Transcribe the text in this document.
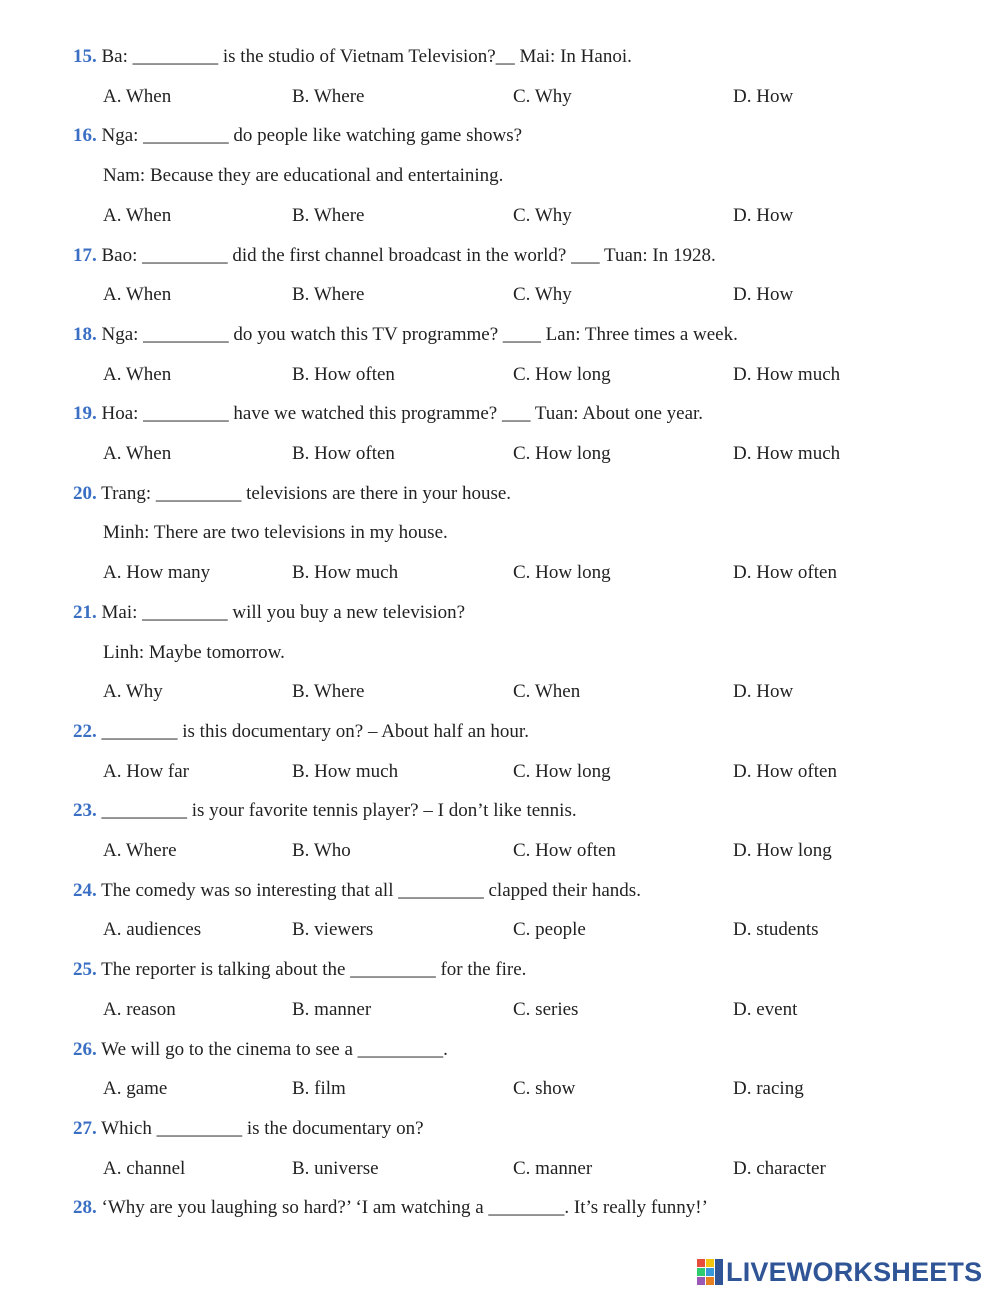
15. Ba: _________ is the studio of Vietnam Television?__ Mai: In Hanoi.
A. When	B. Where	C. Why	D. How
16. Nga: _________ do people like watching game shows?
Nam: Because they are educational and entertaining.
A. When	B. Where	C. Why	D. How
17. Bao: _________ did the first channel broadcast in the world? ___ Tuan: In 1928.
A. When	B. Where	C. Why	D. How
18. Nga: _________ do you watch this TV programme? ____ Lan: Three times a week.
A. When	B. How often	C. How long	D. How much
19. Hoa: _________ have we watched this programme? ___ Tuan: About one year.
A. When	B. How often	C. How long	D. How much
20. Trang: _________ televisions are there in your house.
Minh: There are two televisions in my house.
A. How many	B. How much	C. How long	D. How often
21. Mai: _________ will you buy a new television?
Linh: Maybe tomorrow.
A. Why	B. Where	C. When	D. How
22. ________ is this documentary on? – About half an hour.
A. How far	B. How much	C. How long	D. How often
23. _________ is your favorite tennis player? – I don’t like tennis.
A. Where	B. Who	C. How often	D. How long
24. The comedy was so interesting that all _________ clapped their hands.
A. audiences	B. viewers	C. people	D. students
25. The reporter is talking about the _________ for the fire.
A. reason	B. manner	C. series	D. event
26. We will go to the cinema to see a _________.
A. game	B. film	C. show	D. racing
27. Which _________ is the documentary on?
A. channel	B. universe	C. manner	D. character
28. ‘Why are you laughing so hard?’ ‘I am watching a ________. It’s really funny!’
LIVEWORKSHEETS
